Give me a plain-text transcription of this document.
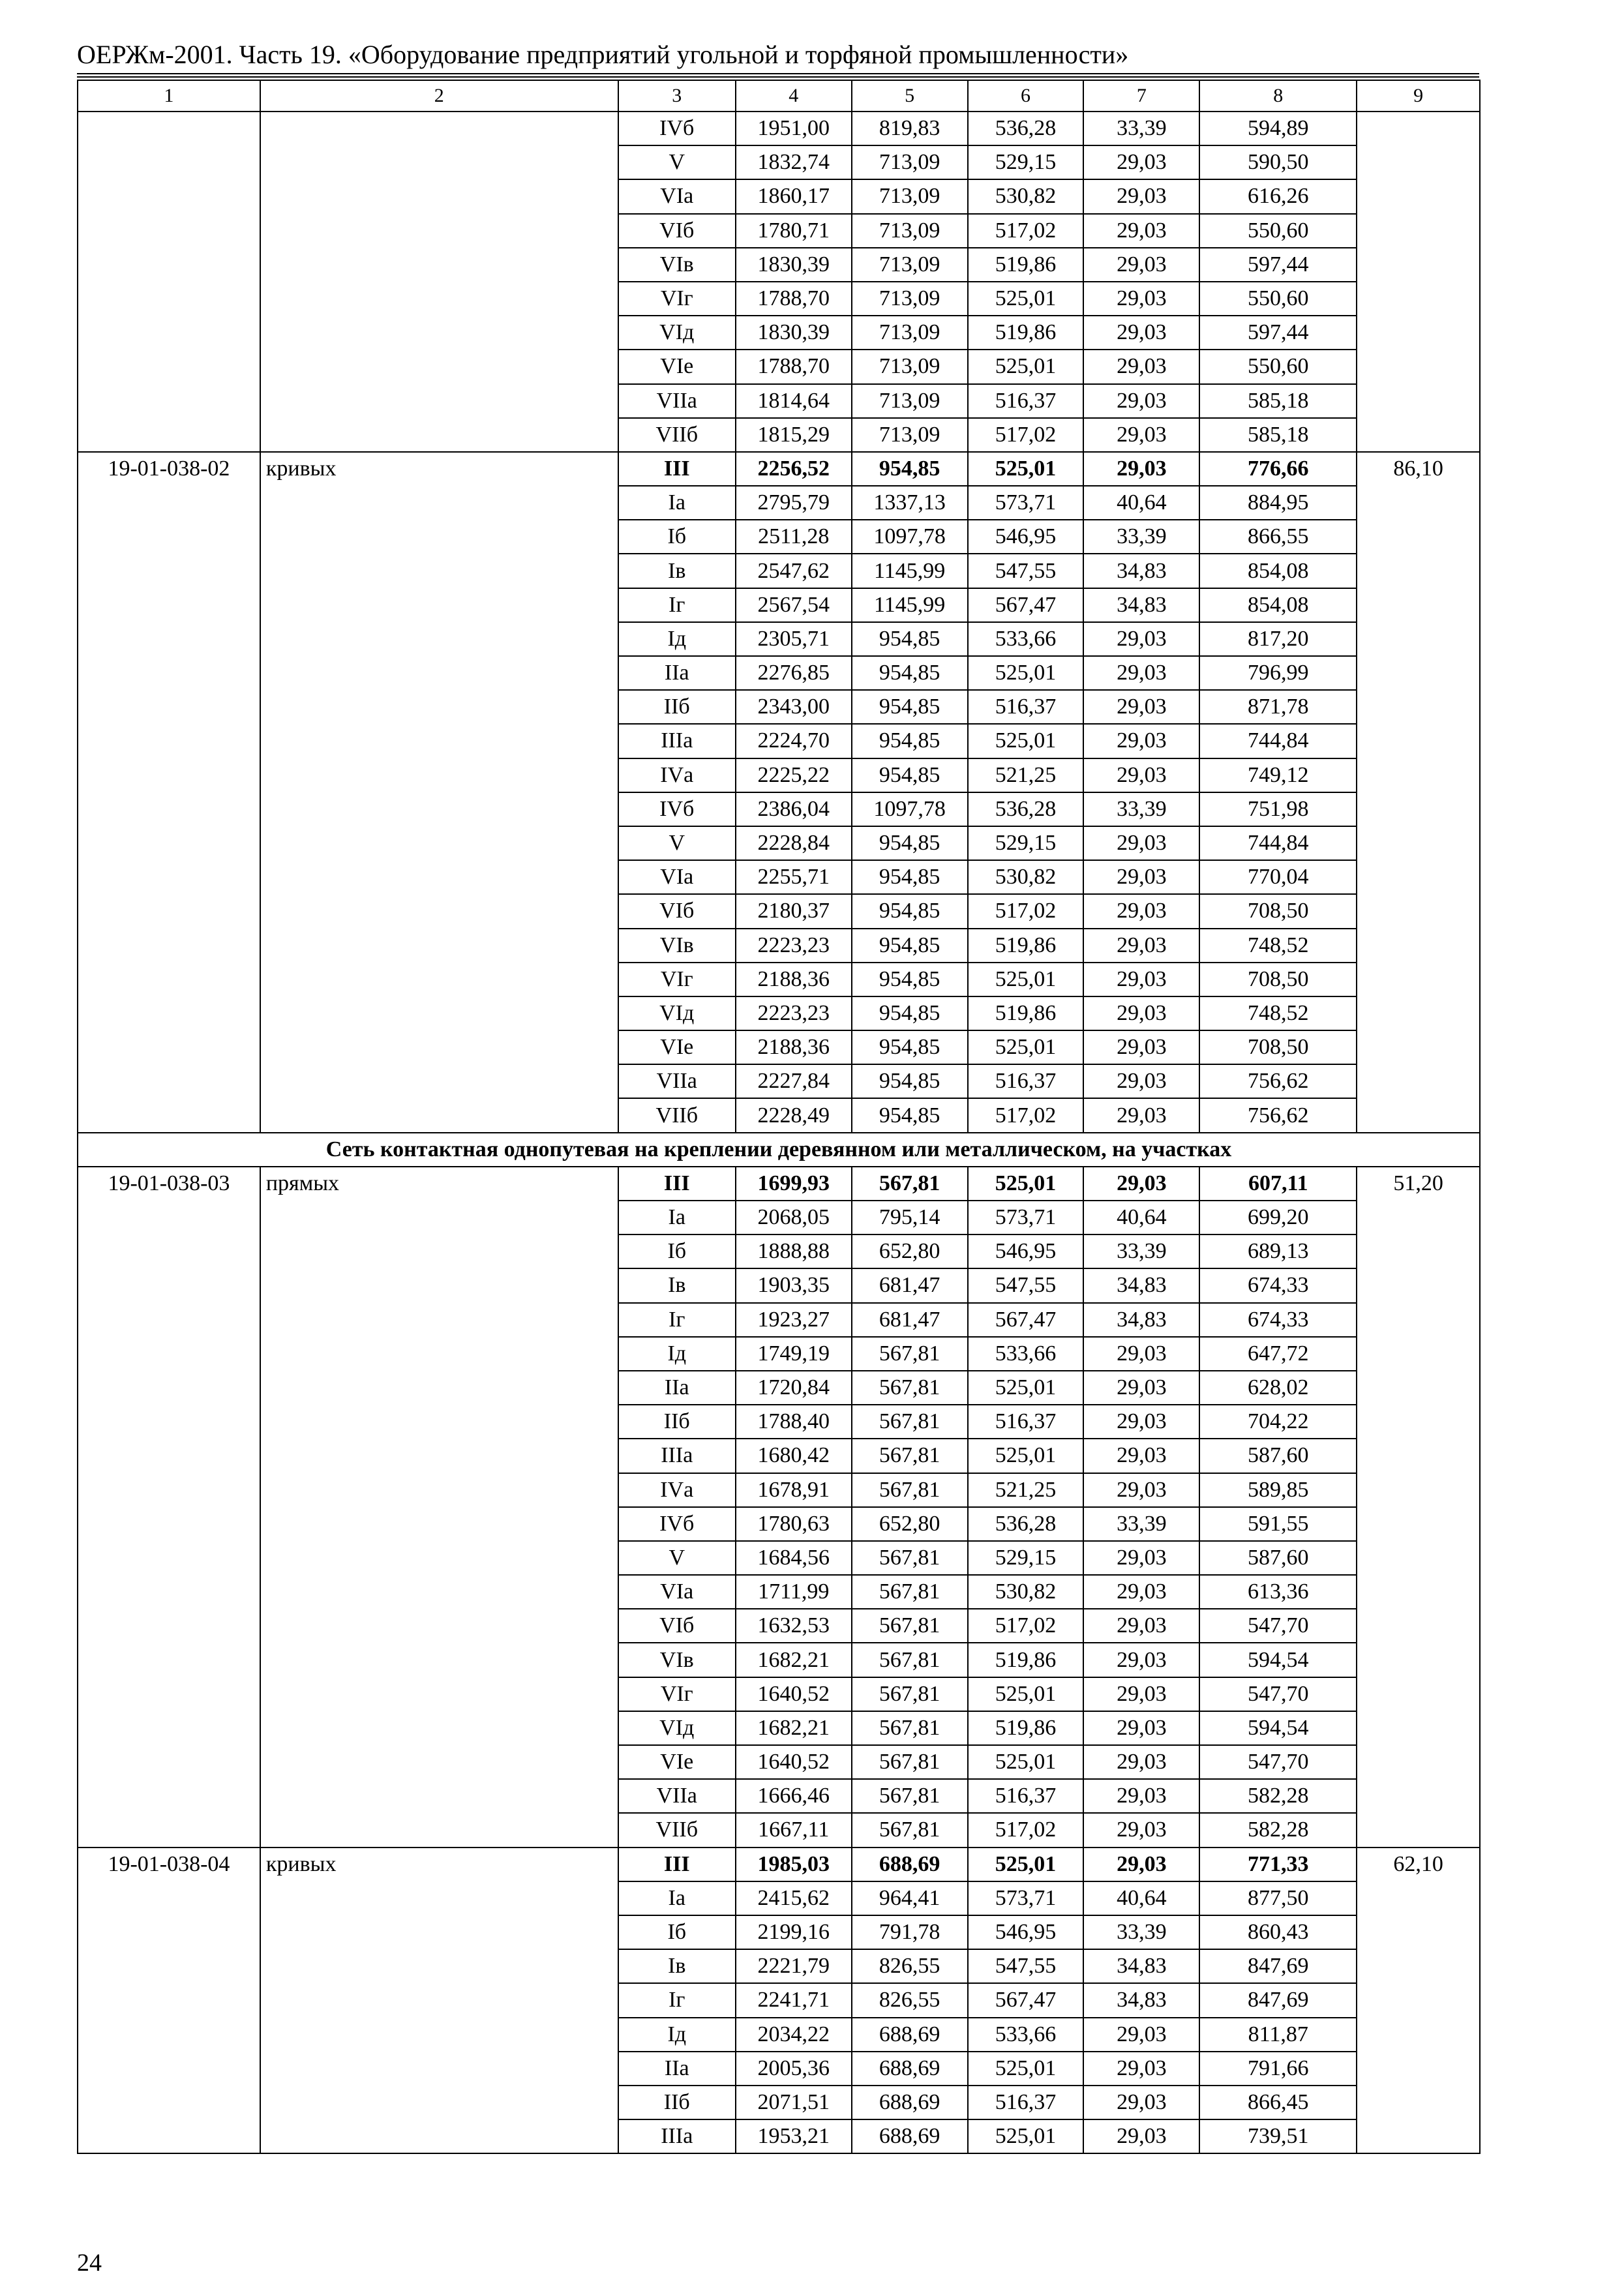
ОЕРЖм-2001. Часть 19. «Оборудование предприятий угольной и торфяной промышленности»
1	2	3	4	5	6	7	8	9
		IVб	1951,00	819,83	536,28	33,39	594,89	
		V	1832,74	713,09	529,15	29,03	590,50	
		VIа	1860,17	713,09	530,82	29,03	616,26	
		VIб	1780,71	713,09	517,02	29,03	550,60	
		VIв	1830,39	713,09	519,86	29,03	597,44	
		VIг	1788,70	713,09	525,01	29,03	550,60	
		VIд	1830,39	713,09	519,86	29,03	597,44	
		VIе	1788,70	713,09	525,01	29,03	550,60	
		VIIа	1814,64	713,09	516,37	29,03	585,18	
		VIIб	1815,29	713,09	517,02	29,03	585,18	
19-01-038-02	кривых	III	2256,52	954,85	525,01	29,03	776,66	86,10
		Iа	2795,79	1337,13	573,71	40,64	884,95	
		Iб	2511,28	1097,78	546,95	33,39	866,55	
		Iв	2547,62	1145,99	547,55	34,83	854,08	
		Iг	2567,54	1145,99	567,47	34,83	854,08	
		Iд	2305,71	954,85	533,66	29,03	817,20	
		IIа	2276,85	954,85	525,01	29,03	796,99	
		IIб	2343,00	954,85	516,37	29,03	871,78	
		IIIа	2224,70	954,85	525,01	29,03	744,84	
		IVа	2225,22	954,85	521,25	29,03	749,12	
		IVб	2386,04	1097,78	536,28	33,39	751,98	
		V	2228,84	954,85	529,15	29,03	744,84	
		VIа	2255,71	954,85	530,82	29,03	770,04	
		VIб	2180,37	954,85	517,02	29,03	708,50	
		VIв	2223,23	954,85	519,86	29,03	748,52	
		VIг	2188,36	954,85	525,01	29,03	708,50	
		VIд	2223,23	954,85	519,86	29,03	748,52	
		VIе	2188,36	954,85	525,01	29,03	708,50	
		VIIа	2227,84	954,85	516,37	29,03	756,62	
		VIIб	2228,49	954,85	517,02	29,03	756,62	
Сеть контактная однопутевая на креплении деревянном или металлическом, на участках								
19-01-038-03	прямых	III	1699,93	567,81	525,01	29,03	607,11	51,20
		Iа	2068,05	795,14	573,71	40,64	699,20	
		Iб	1888,88	652,80	546,95	33,39	689,13	
		Iв	1903,35	681,47	547,55	34,83	674,33	
		Iг	1923,27	681,47	567,47	34,83	674,33	
		Iд	1749,19	567,81	533,66	29,03	647,72	
		IIа	1720,84	567,81	525,01	29,03	628,02	
		IIб	1788,40	567,81	516,37	29,03	704,22	
		IIIа	1680,42	567,81	525,01	29,03	587,60	
		IVа	1678,91	567,81	521,25	29,03	589,85	
		IVб	1780,63	652,80	536,28	33,39	591,55	
		V	1684,56	567,81	529,15	29,03	587,60	
		VIа	1711,99	567,81	530,82	29,03	613,36	
		VIб	1632,53	567,81	517,02	29,03	547,70	
		VIв	1682,21	567,81	519,86	29,03	594,54	
		VIг	1640,52	567,81	525,01	29,03	547,70	
		VIд	1682,21	567,81	519,86	29,03	594,54	
		VIе	1640,52	567,81	525,01	29,03	547,70	
		VIIа	1666,46	567,81	516,37	29,03	582,28	
		VIIб	1667,11	567,81	517,02	29,03	582,28	
19-01-038-04	кривых	III	1985,03	688,69	525,01	29,03	771,33	62,10
		Iа	2415,62	964,41	573,71	40,64	877,50	
		Iб	2199,16	791,78	546,95	33,39	860,43	
		Iв	2221,79	826,55	547,55	34,83	847,69	
		Iг	2241,71	826,55	567,47	34,83	847,69	
		Iд	2034,22	688,69	533,66	29,03	811,87	
		IIа	2005,36	688,69	525,01	29,03	791,66	
		IIб	2071,51	688,69	516,37	29,03	866,45	
		IIIа	1953,21	688,69	525,01	29,03	739,51	
24
